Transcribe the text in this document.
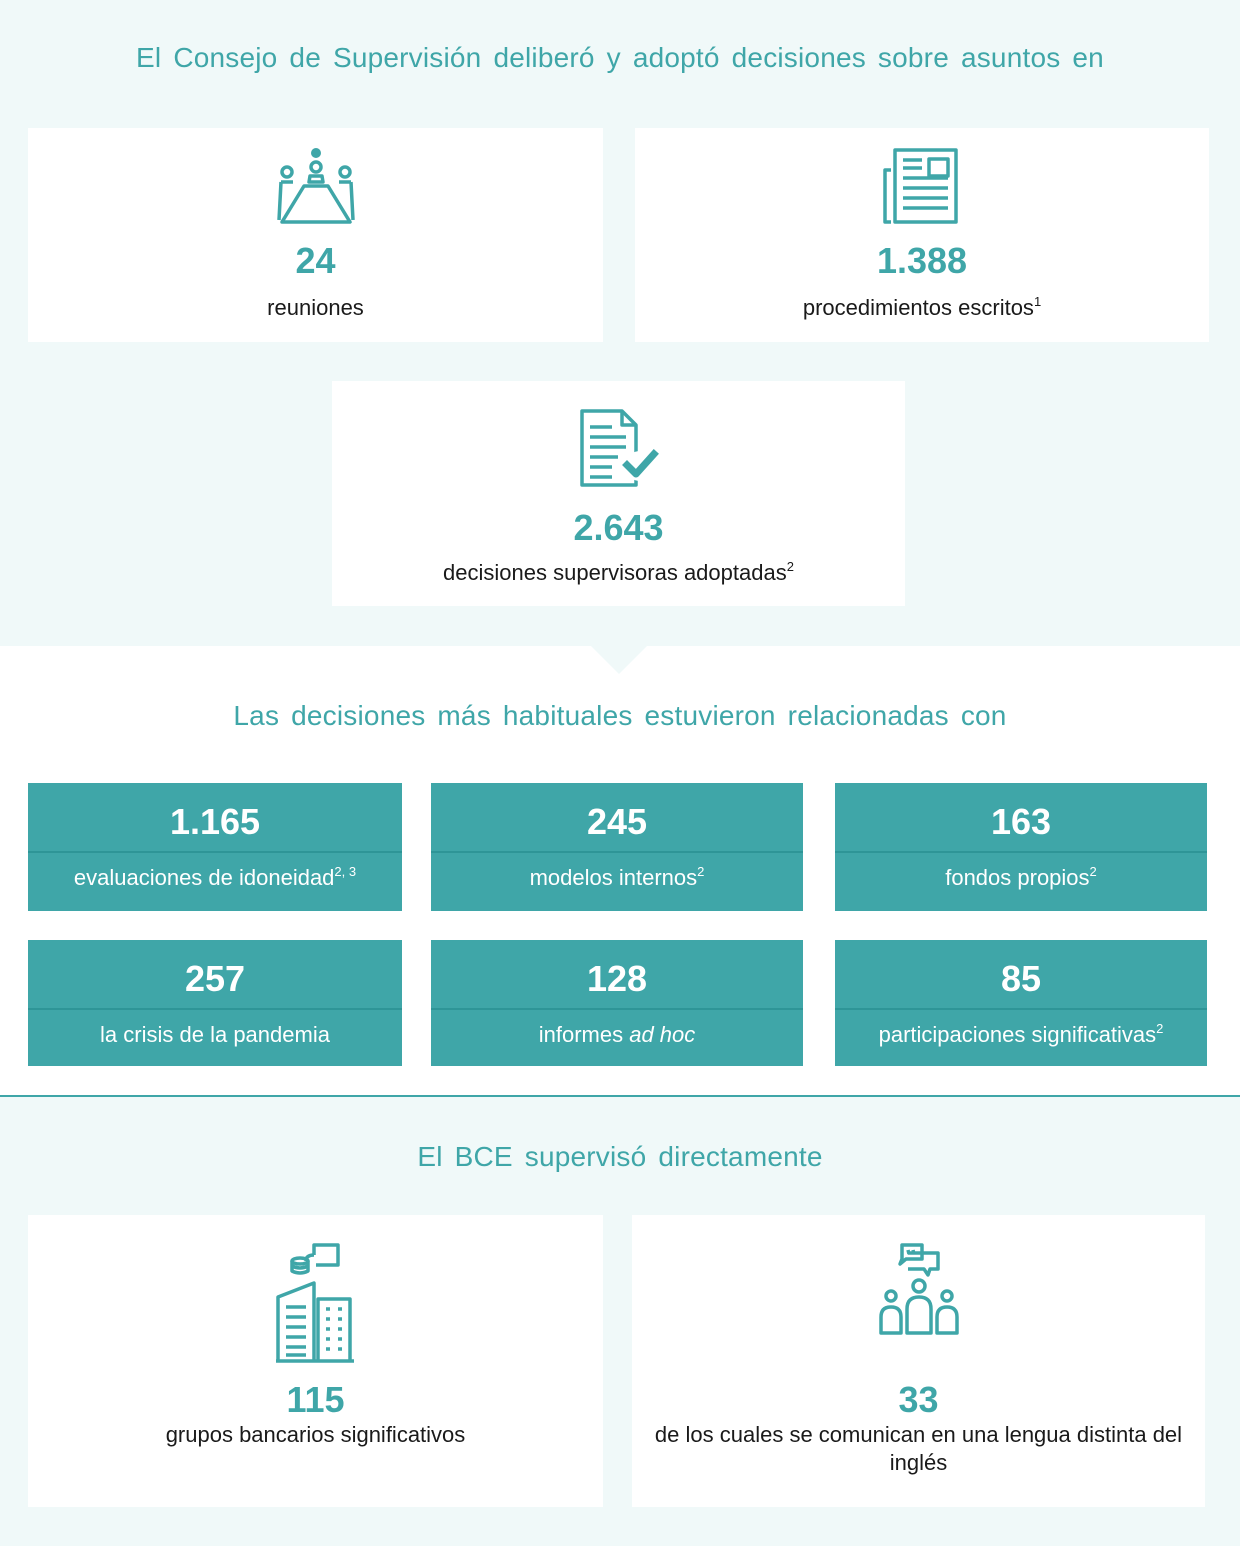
El Consejo de Supervisión deliberó y adoptó decisiones sobre asuntos en
24
reuniones
1.388
procedimientos escritos$^1$
2.643
decisiones supervisoras adoptadas$^2$
Las decisiones más habituales estuvieron relacionadas con
1.165
evaluaciones de idoneidad$^{2, 3}$
245
modelos internos$^2$
163
fondos propios$^2$
257
la crisis de la pandemia
128
informes ad hoc
85
participaciones significativas$^2$
El BCE supervisó directamente
115
grupos bancarios significativos
33
de los cuales se comunican en una lengua distinta del inglés
